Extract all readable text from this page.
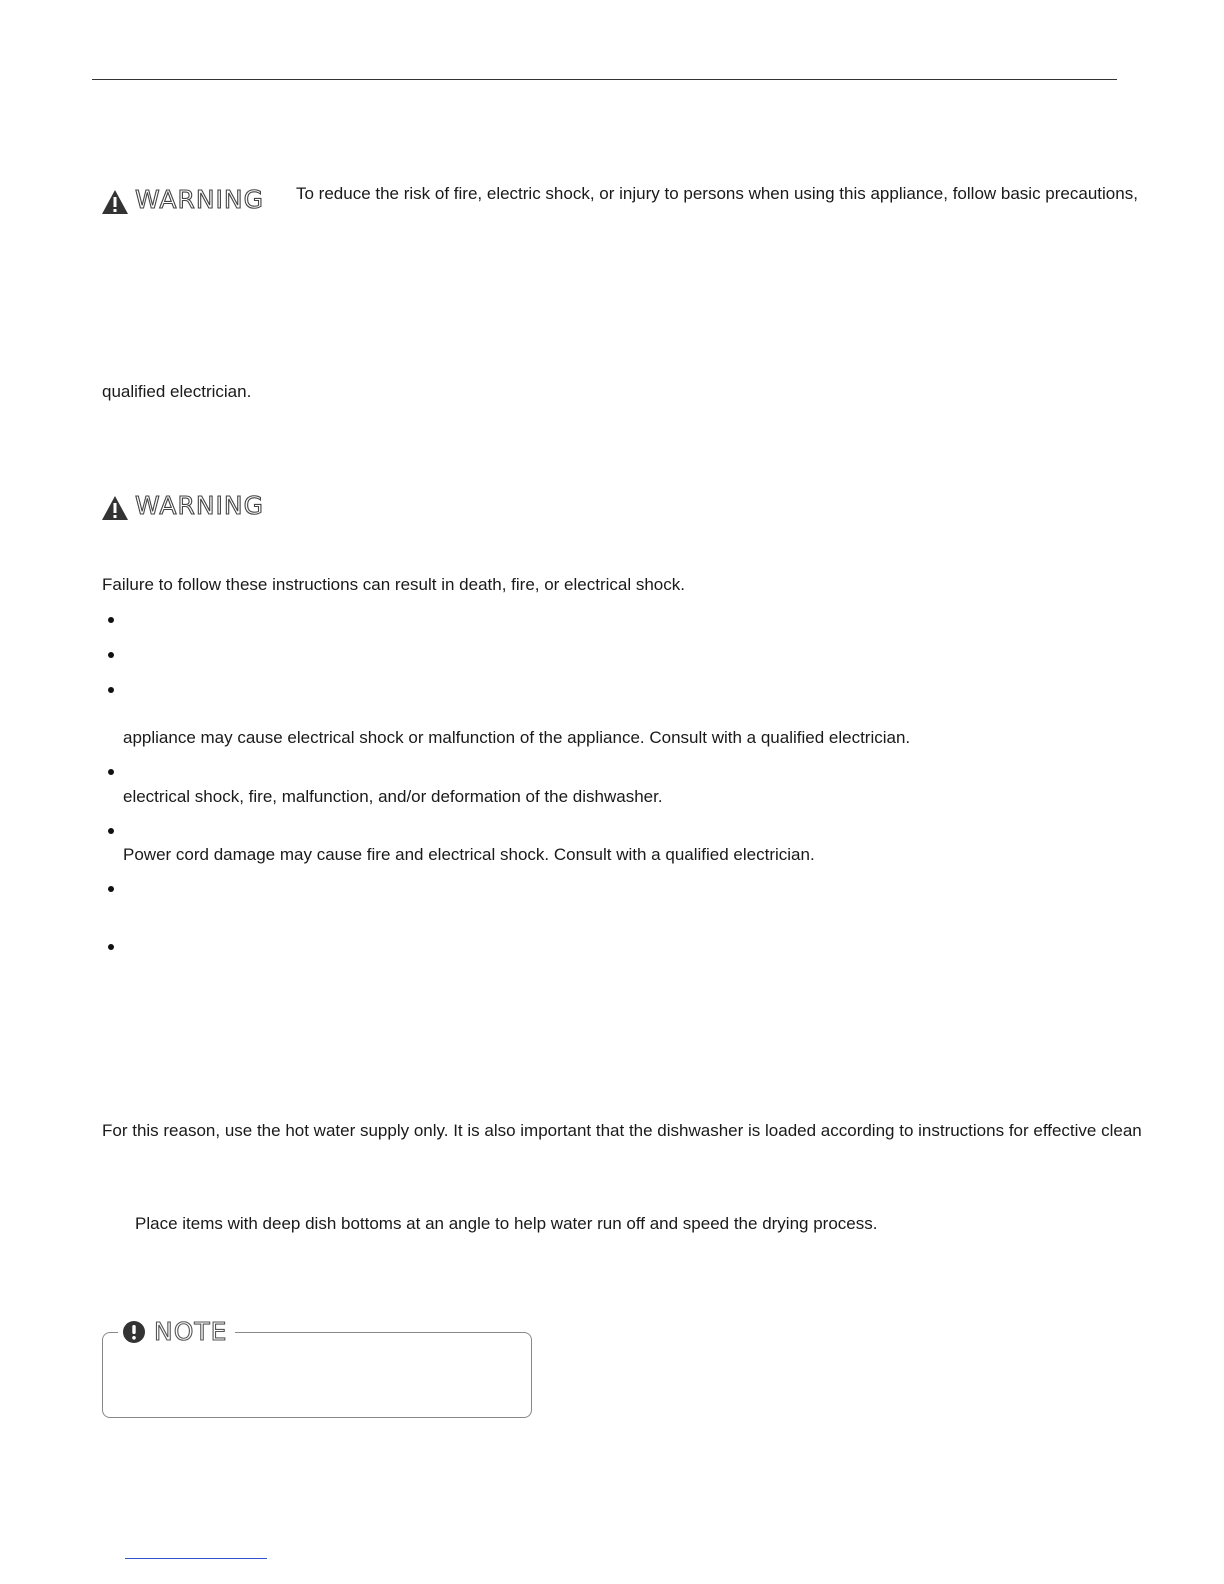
WARNING To reduce the risk of fire, electric shock, or injury to persons when using this appliance, follow basic precautions,
qualified electrician.
WARNING
Failure to follow these instructions can result in death, fire, or electrical shock.
appliance may cause electrical shock or malfunction of the appliance. Consult with a qualified electrician.
electrical shock, fire, malfunction, and/or deformation of the dishwasher.
Power cord damage may cause fire and electrical shock. Consult with a qualified electrician.
For this reason, use the hot water supply only. It is also important that the dishwasher is loaded according to instructions for effective clean
Place items with deep dish bottoms at an angle to help water run off and speed the drying process.
NOTE
